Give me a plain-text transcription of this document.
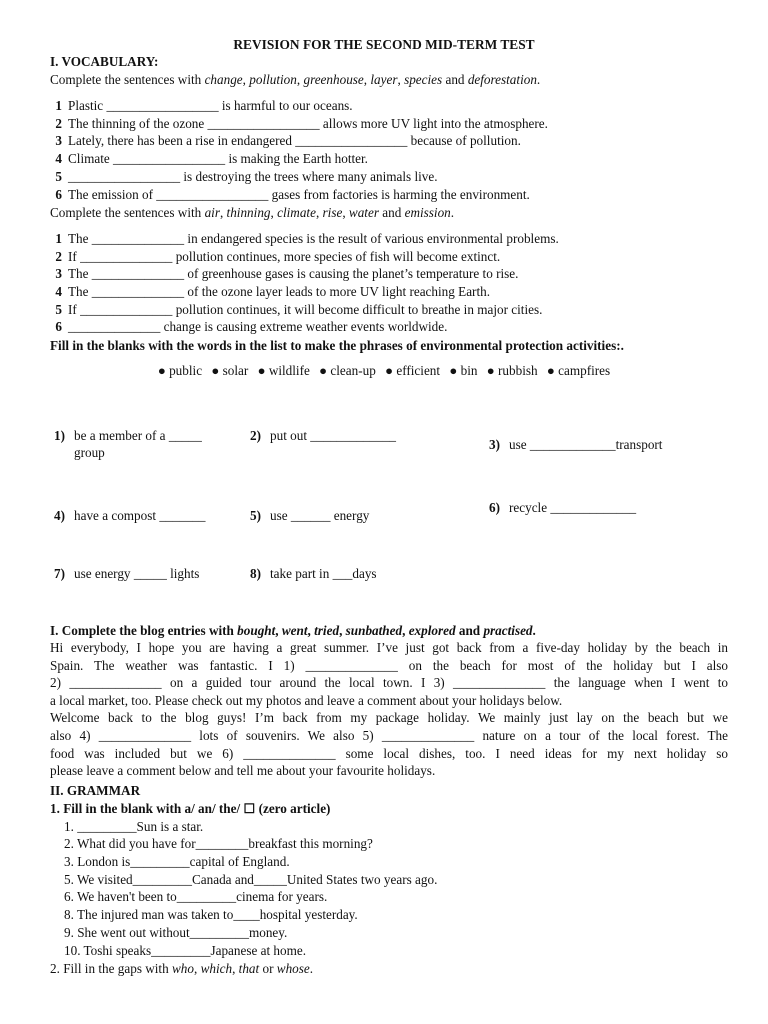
REVISION FOR THE SECOND MID-TERM TEST
I. VOCABULARY:
Complete the sentences with change, pollution, greenhouse, layer, species and deforestation.
1 Plastic _________________ is harmful to our oceans.
2 The thinning of the ozone _________________ allows more UV light into the atmosphere.
3 Lately, there has been a rise in endangered _________________ because of pollution.
4 Climate _________________ is making the Earth hotter.
5 _________________ is destroying the trees where many animals live.
6 The emission of _________________ gases from factories is harming the environment.
Complete the sentences with air, thinning, climate, rise, water and emission.
1 The ______________ in endangered species is the result of various environmental problems.
2 If ______________ pollution continues, more species of fish will become extinct.
3 The ______________ of greenhouse gases is causing the planet’s temperature to rise.
4 The ______________ of the ozone layer leads to more UV light reaching Earth.
5 If ______________ pollution continues, it will become difficult to breathe in major cities.
6 ______________ change is causing extreme weather events worldwide.
Fill in the blanks with the words in the list to make the phrases of environmental protection activities:.
● public ● solar ● wildlife ● clean-up ● efficient ● bin ● rubbish ● campfires
1) be a member of a _____ group
2) put out _____________
3) use _____________transport
4) have a compost _______	5) use ______ energy
6) recycle _____________
7) use energy _____ lights	8) take part in ___days
I. Complete the blog entries with bought, went, tried, sunbathed, explored and practised.
Hi everybody, I hope you are having a great summer. I’ve just got back from a five-day holiday by the beach in
Spain. The weather was fantastic. I 1) ______________ on the beach for most of the holiday but I also
2) ______________ on a guided tour around the local town. I 3) ______________ the language when I went to
a local market, too. Please check out my photos and leave a comment about your holidays below.
Welcome back to the blog guys! I’m back from my package holiday. We mainly just lay on the beach but we
also 4) ______________ lots of souvenirs. We also 5) ______________ nature on a tour of the local forest. The
food was included but we 6) ______________ some local dishes, too. I need ideas for my next holiday so
please leave a comment below and tell me about your favourite holidays.
II. GRAMMAR
1. Fill in the blank with a/ an/ the/ ☐ (zero article)
1. _________Sun is a star.
2. What did you have for________breakfast this morning?
3. London is_________capital of England.
5. We visited_________Canada and_____United States two years ago.
6. We haven't been to_________cinema for years.
8. The injured man was taken to____hospital yesterday.
9. She went out without_________money.
10. Toshi speaks_________Japanese at home.
2. Fill in the gaps with who, which, that or whose.
